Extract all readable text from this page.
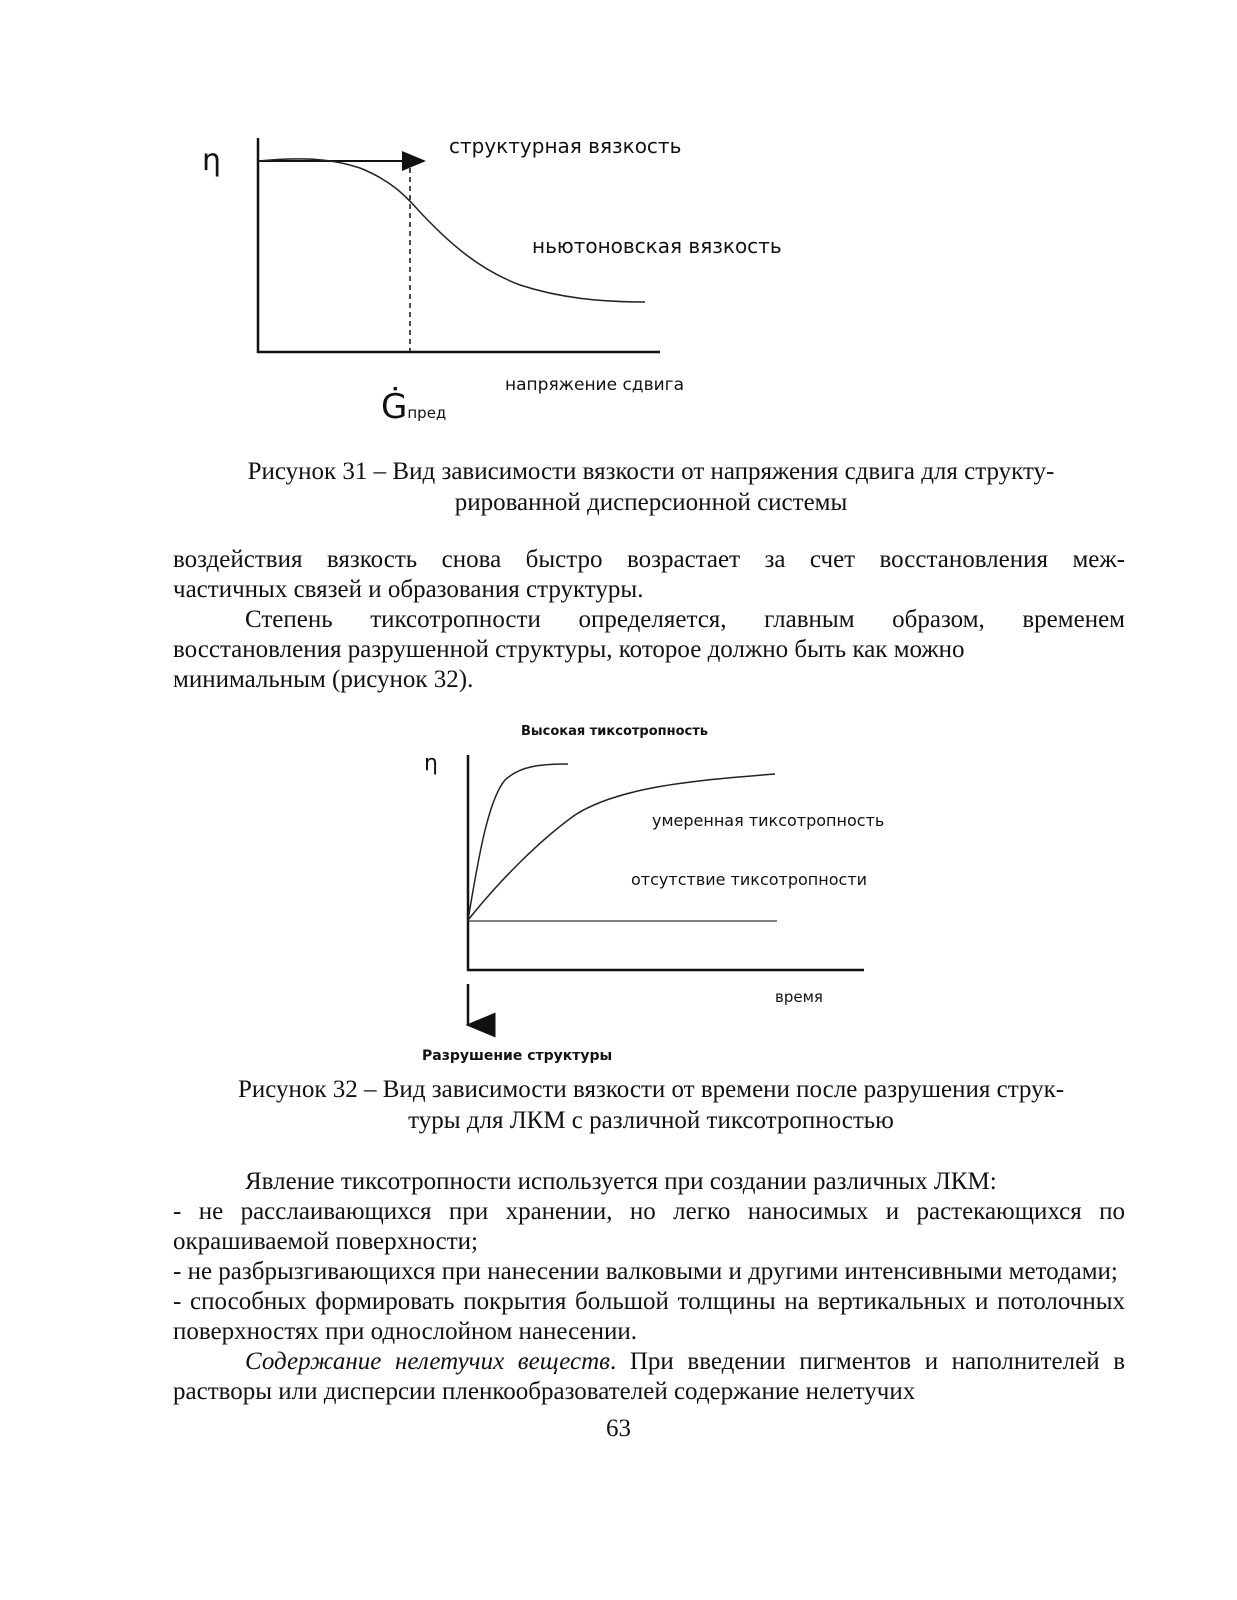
η	структурная вязкость
ньютоновская вязкость
напряжение сдвига
Ġпред
Рисунок 31 – Вид зависимости вязкости от напряжения сдвига для структу-
рированной дисперсионной системы

воздействия вязкость снова быстро возрастает за счет восстановления меж-

частичных связей и образования структуры.

Степень тиксотропности определяется, главным образом, временем

восстановления разрушенной структуры, которое должно быть как можно

минимальным (рисунок 32).

Высокая тиксотропность
η
умеренная тиксотропность
отсутствие тиксотропности
время
Разрушение структуры
Рисунок 32 – Вид зависимости вязкости от времени после разрушения струк-
туры для ЛКМ с различной тиксотропностью

Явление тиксотропности используется при создании различных ЛКМ:

- не расслаивающихся при хранении, но легко наносимых и растекающихся по окрашиваемой поверхности;

- не разбрызгивающихся при нанесении валковыми и другими интенсивными методами;

- способных формировать покрытия большой толщины на вертикальных и потолочных поверхностях при однослойном нанесении.

Содержание нелетучих веществ. При введении пигментов и наполнителей в растворы или дисперсии пленкообразователей содержание нелетучих

63
